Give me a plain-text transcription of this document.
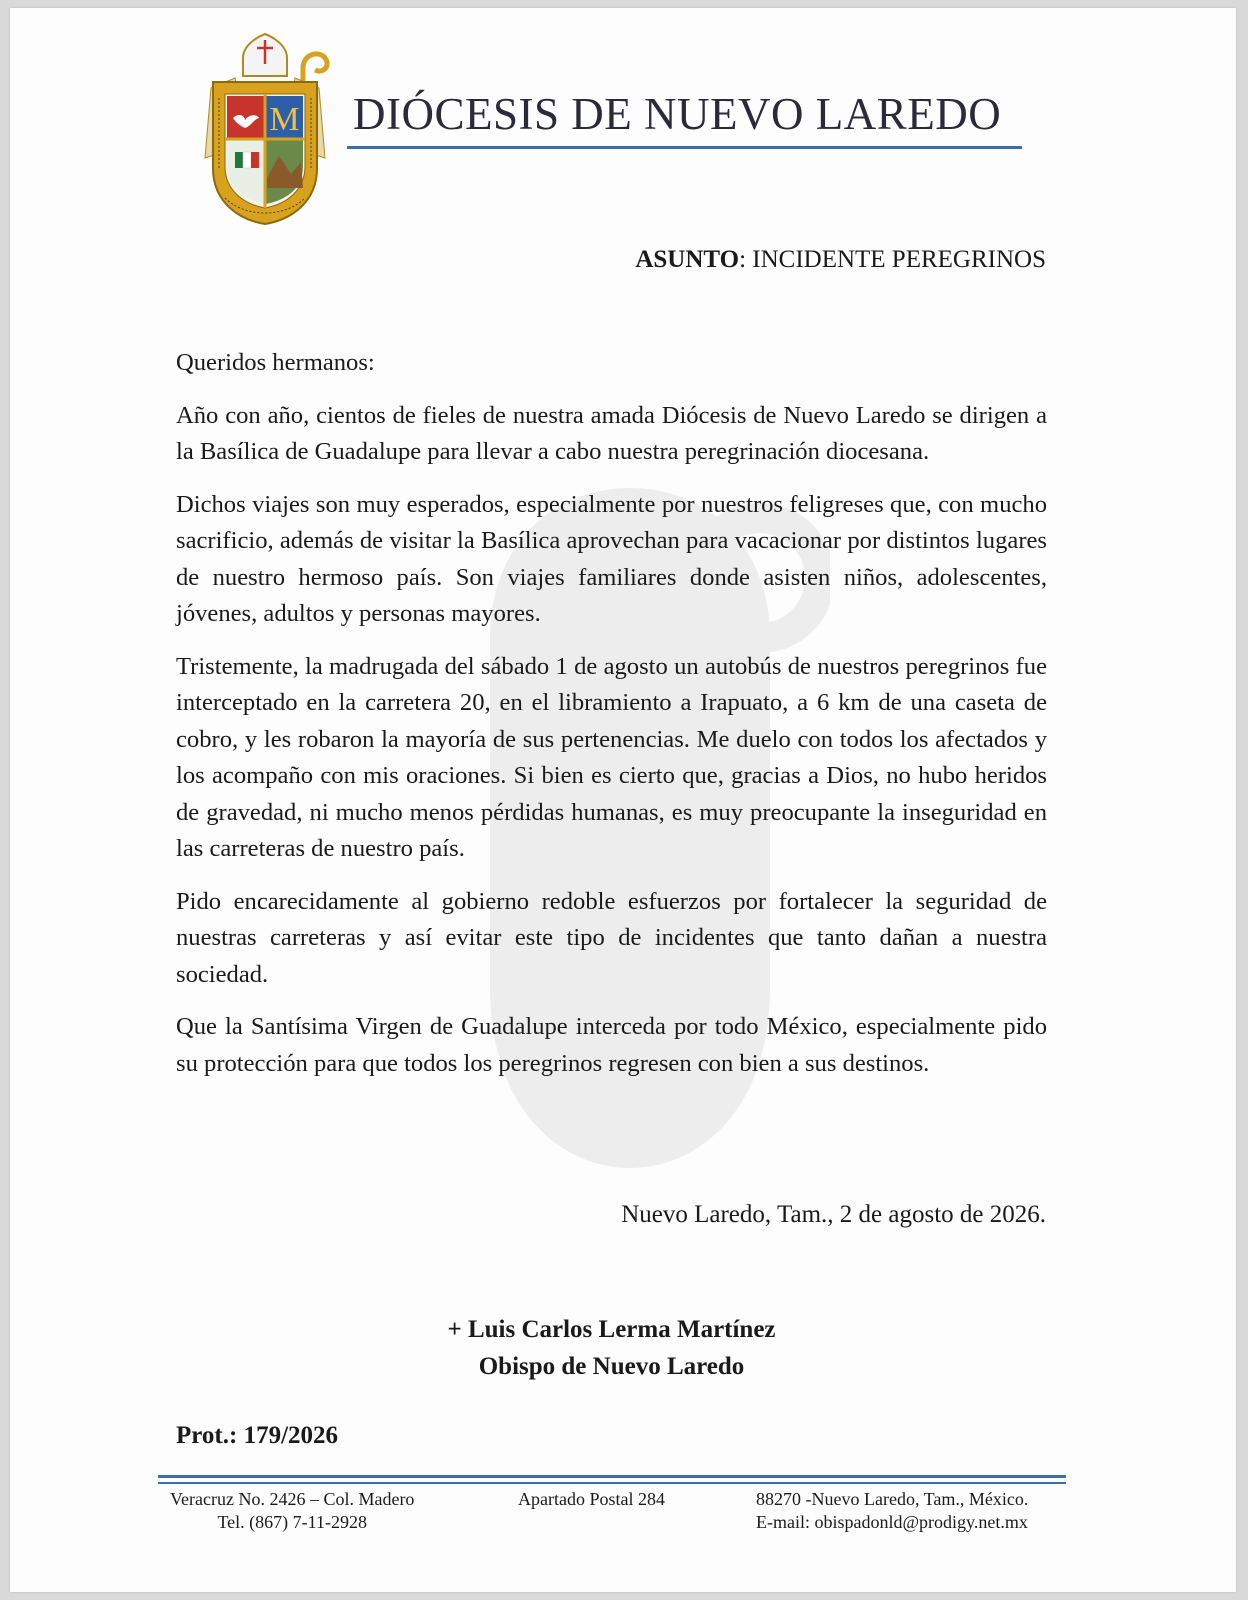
M DIÓCESIS DE NUEVO LAREDO
ASUNTO: INCIDENTE PEREGRINOS

Queridos hermanos:

Año con año, cientos de fieles de nuestra amada Diócesis de Nuevo Laredo se dirigen a la Basílica de Guadalupe para llevar a cabo nuestra peregrinación diocesana.

Dichos viajes son muy esperados, especialmente por nuestros feligreses que, con mucho sacrificio, además de visitar la Basílica aprovechan para vacacionar por distintos lugares de nuestro hermoso país. Son viajes familiares donde asisten niños, adolescentes, jóvenes, adultos y personas mayores.

Tristemente, la madrugada del sábado 1 de agosto un autobús de nuestros peregrinos fue interceptado en la carretera 20, en el libramiento a Irapuato, a 6 km de una caseta de cobro, y les robaron la mayoría de sus pertenencias. Me duelo con todos los afectados y los acompaño con mis oraciones. Si bien es cierto que, gracias a Dios, no hubo heridos de gravedad, ni mucho menos pérdidas humanas, es muy preocupante la inseguridad en las carreteras de nuestro país.

Pido encarecidamente al gobierno redoble esfuerzos por fortalecer la seguridad de nuestras carreteras y así evitar este tipo de incidentes que tanto dañan a nuestra sociedad.

Que la Santísima Virgen de Guadalupe interceda por todo México, especialmente pido su protección para que todos los peregrinos regresen con bien a sus destinos.

Nuevo Laredo, Tam., 2 de agosto de 2026.
+ Luis Carlos Lerma Martínez
Obispo de Nuevo Laredo
Prot.: 179/2026
Veracruz No. 2426 – Col. Madero
Tel. (867) 7-11-2928
Apartado Postal 284	88270 -Nuevo Laredo, Tam., México.
E-mail: obispadonld@prodigy.net.mx
